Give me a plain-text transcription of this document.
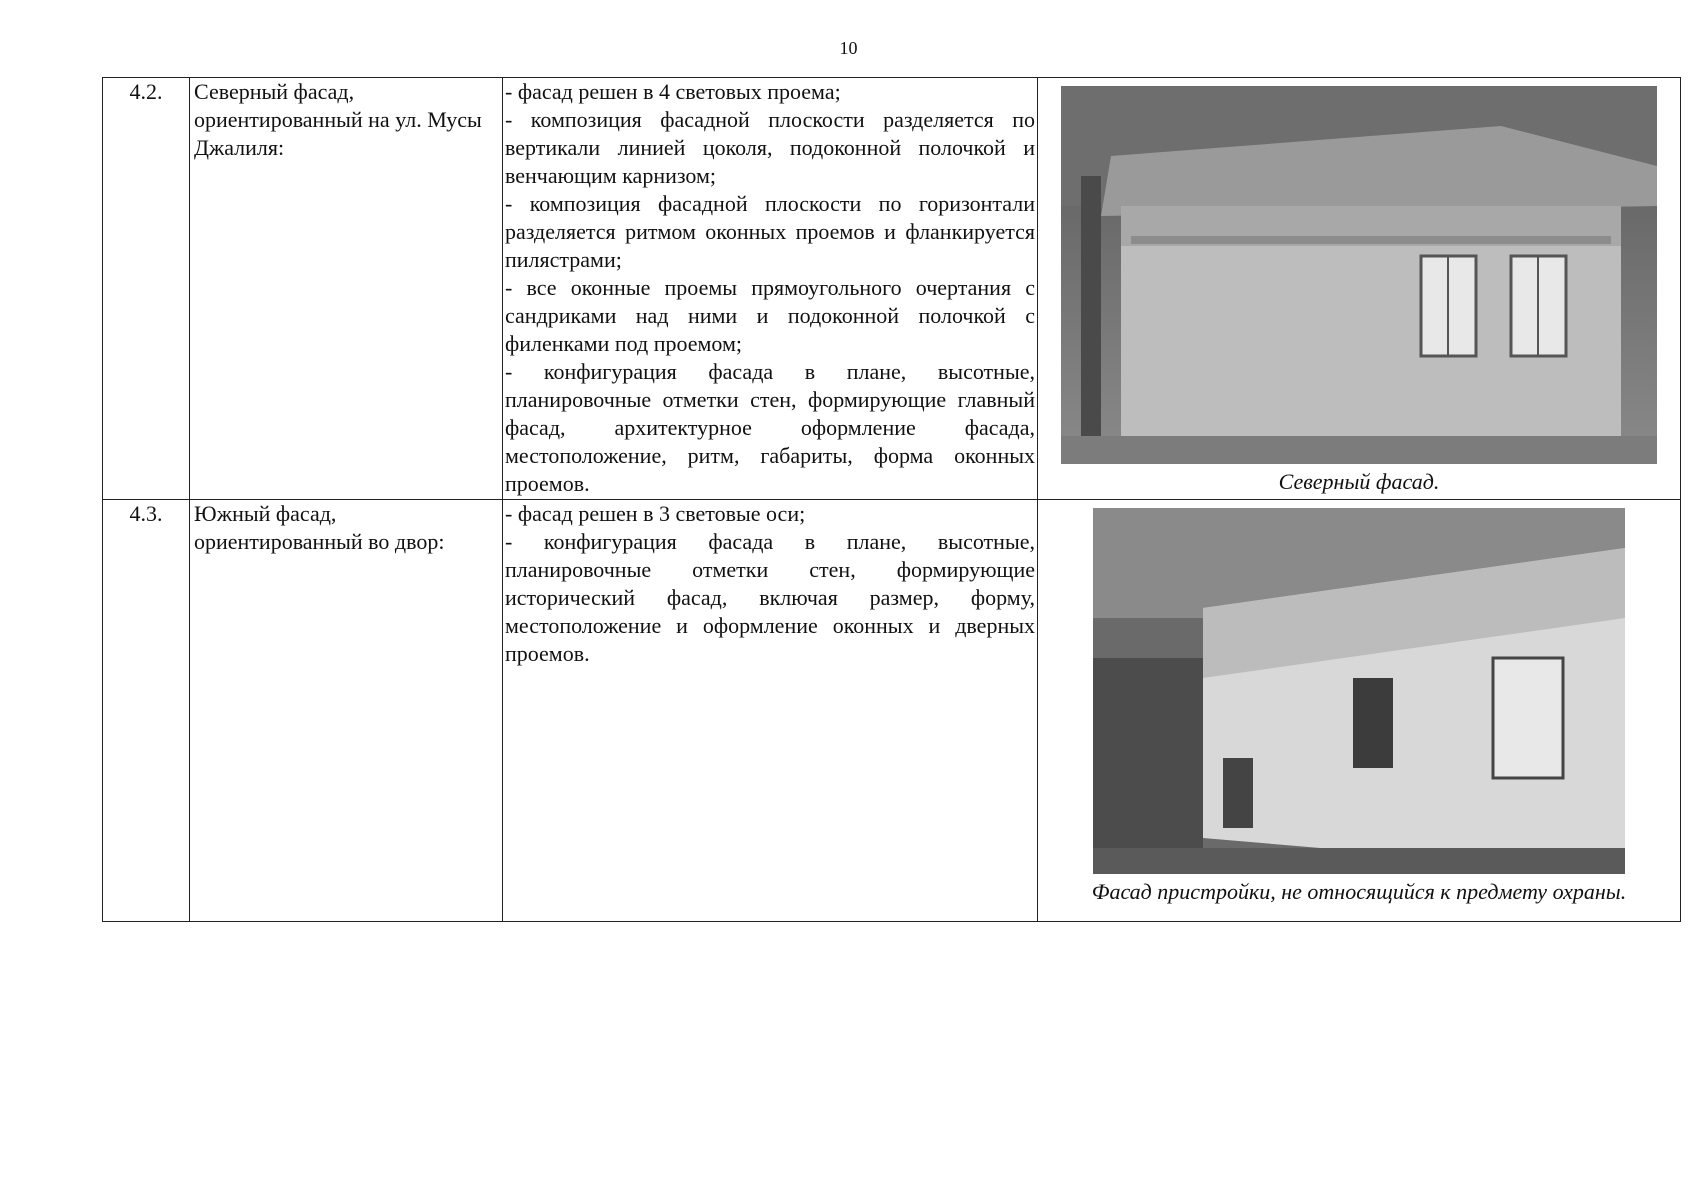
10
4.2.	Северный фасад, ориентированный на ул. Мусы Джалиля:	- фасад решен в 4 световых проема;
- композиция фасадной плоскости разделяется по вертикали линией цоколя, подоконной полочкой и венчающим карнизом;
- композиция фасадной плоскости по горизонтали разделяется ритмом оконных проемов и фланкируется пилястрами;
- все оконные проемы прямоугольного очертания с сандриками над ними и подоконной полочкой с филенками под проемом;
- конфигурация фасада в плане, высотные, планировочные отметки стен, формирующие главный фасад, архитектурное оформление фасада, местоположение, ритм, габариты, форма оконных проемов.	Северный фасад.

4.3.	Южный фасад, ориентированный во двор:	- фасад решен в 3 световые оси;
- конфигурация фасада в плане, высотные, планировочные отметки стен, формирующие исторический фасад, включая размер, форму, местоположение и оформление оконных и дверных проемов.	Фасад пристройки, не относящийся к предмету охраны.
